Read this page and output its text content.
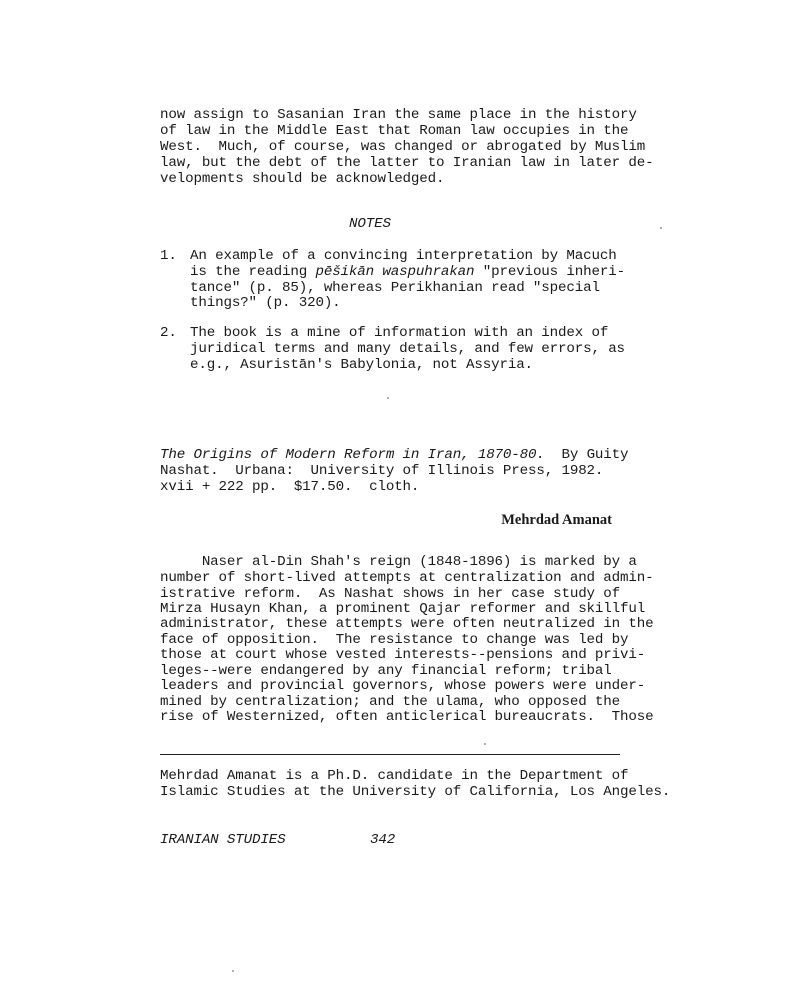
now assign to Sasanian Iran the same place in the history
of law in the Middle East that Roman law occupies in the
West.  Much, of course, was changed or abrogated by Muslim
law, but the debt of the latter to Iranian law in later de-
velopments should be acknowledged.
NOTES
1. An example of a convincing interpretation by Macuch
is the reading pēšikān waspuhrakan "previous inheri-
tance" (p. 85), whereas Perikhanian read "special
things?" (p. 320).
2. The book is a mine of information with an index of
juridical terms and many details, and few errors, as
e.g., Asuristān's Babylonia, not Assyria.
The Origins of Modern Reform in Iran, 1870-80.  By Guity
Nashat.  Urbana:  University of Illinois Press, 1982.
xvii + 222 pp.  $17.50.  cloth.
Mehrdad Amanat
Naser al-Din Shah's reign (1848-1896) is marked by a
number of short-lived attempts at centralization and admin-
istrative reform.  As Nashat shows in her case study of
Mirza Husayn Khan, a prominent Qajar reformer and skillful
administrator, these attempts were often neutralized in the
face of opposition.  The resistance to change was led by
those at court whose vested interests--pensions and privi-
leges--were endangered by any financial reform; tribal
leaders and provincial governors, whose powers were under-
mined by centralization; and the ulama, who opposed the
rise of Westernized, often anticlerical bureaucrats.  Those
Mehrdad Amanat is a Ph.D. candidate in the Department of
Islamic Studies at the University of California, Los Angeles.
IRANIAN STUDIES	342
